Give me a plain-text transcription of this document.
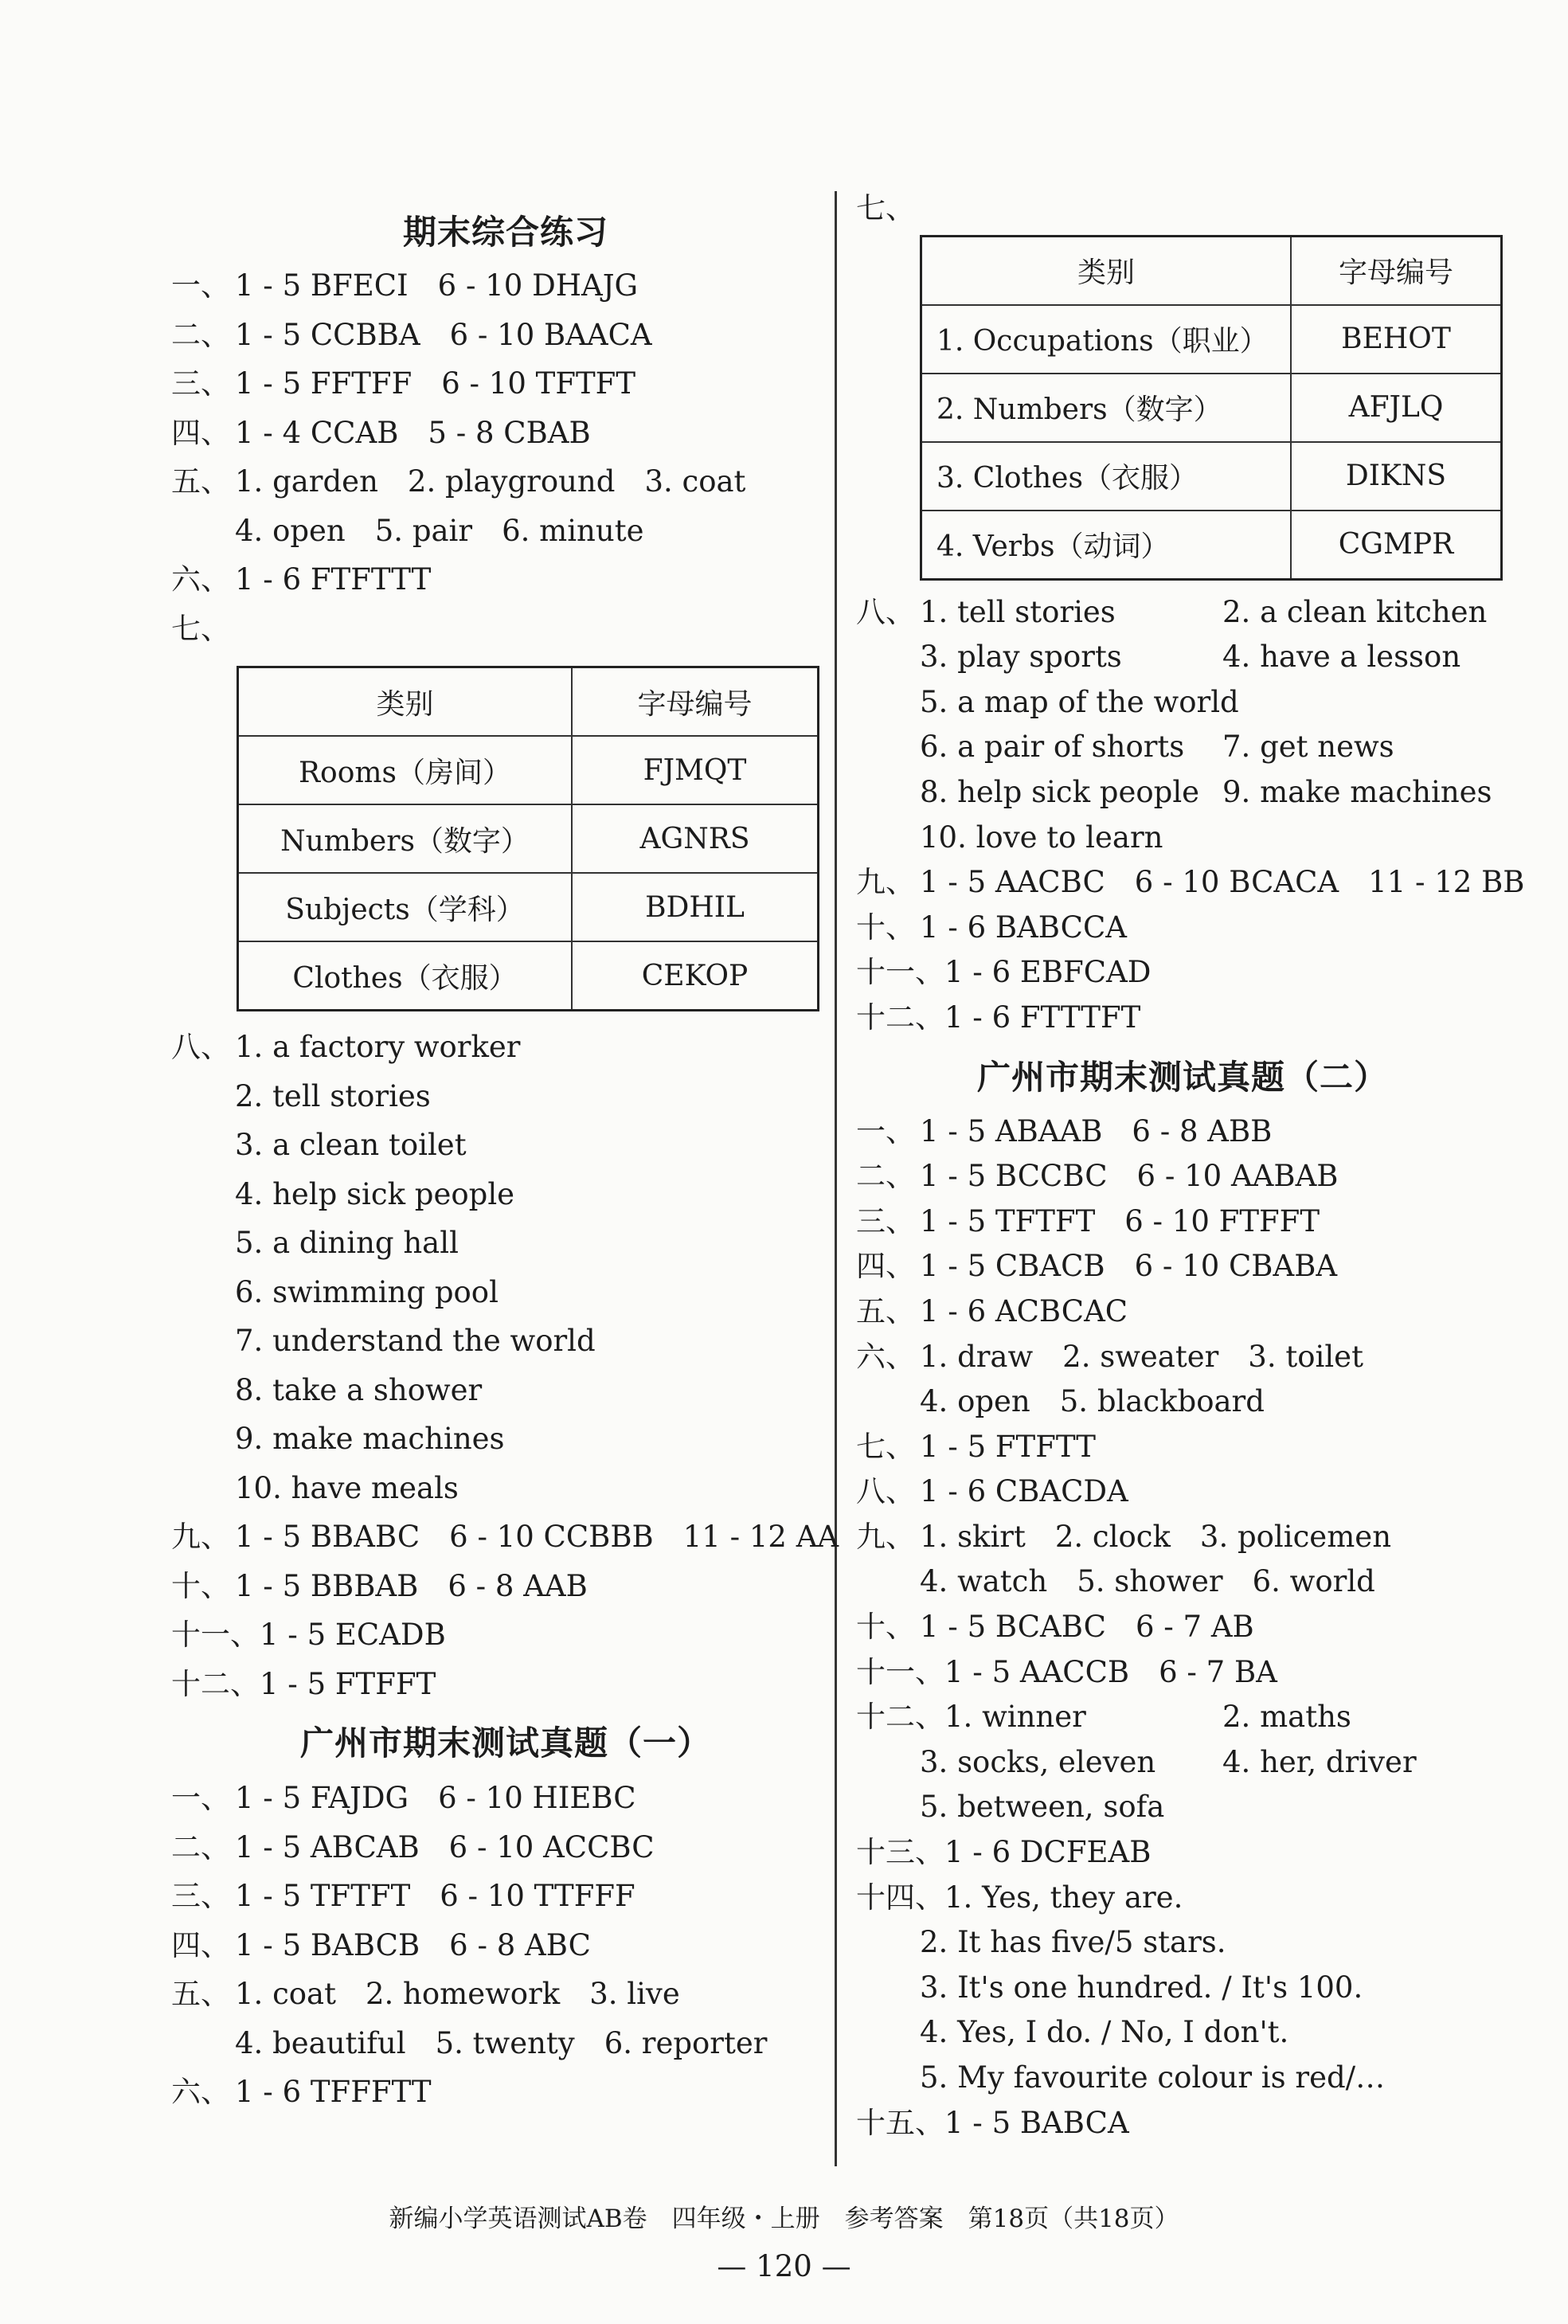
期末综合练习
一、 1 - 5 BFECI　6 - 10 DHAJG
二、 1 - 5 CCBBA　6 - 10 BAACA
三、 1 - 5 FFTFF　6 - 10 TFTFT
四、 1 - 4 CCAB　5 - 8 CBAB
五、 1. garden　2. playground　3. coat
4. open　5. pair　6. minute
六、 1 - 6 FTFTTT
七、
类别	字母编号
Rooms（房间）	FJMQT
Numbers（数字）	AGNRS
Subjects（学科）	BDHIL
Clothes（衣服）	CEKOP
八、 1. a factory worker
2. tell stories
3. a clean toilet
4. help sick people
5. a dining hall
6. swimming pool
7. understand the world
8. take a shower
9. make machines
10. have meals
九、 1 - 5 BBABC　6 - 10 CCBBB　11 - 12 AA
十、 1 - 5 BBBAB　6 - 8 AAB
十一、1 - 5 ECADB
十二、1 - 5 FTFFT
广州市期末测试真题（一）
一、 1 - 5 FAJDG　6 - 10 HIEBC
二、 1 - 5 ABCAB　6 - 10 ACCBC
三、 1 - 5 TFTFT　6 - 10 TTFFF
四、 1 - 5 BABCB　6 - 8 ABC
五、 1. coat　2. homework　3. live
4. beautiful　5. twenty　6. reporter
六、 1 - 6 TFFFTT
七、
类别	字母编号
1. Occupations（职业）	BEHOT
2. Numbers（数字）	AFJLQ
3. Clothes（衣服）	DIKNS
4. Verbs（动词）	CGMPR
八、 1. tell stories	2. a clean kitchen
3. play sports	4. have a lesson
5. a map of the world
6. a pair of shorts 7. get news
8. help sick people 9. make machines
10. love to learn
九、 1 - 5 AACBC　6 - 10 BCACA　11 - 12 BB
十、 1 - 6 BABCCA
十一、1 - 6 EBFCAD
十二、1 - 6 FTTTFT
广州市期末测试真题（二）
一、 1 - 5 ABAAB　6 - 8 ABB
二、 1 - 5 BCCBC　6 - 10 AABAB
三、 1 - 5 TFTFT　6 - 10 FTFFT
四、 1 - 5 CBACB　6 - 10 CBABA
五、 1 - 6 ACBCAC
六、 1. draw　2. sweater　3. toilet
4. open　5. blackboard
七、 1 - 5 FTFTT
八、 1 - 6 CBACDA
九、 1. skirt　2. clock　3. policemen
4. watch　5. shower　6. world
十、 1 - 5 BCABC　6 - 7 AB
十一、1 - 5 AACCB　6 - 7 BA
十二、1. winner	2. maths
3. socks, eleven 4. her, driver
5. between, sofa
十三、1 - 6 DCFEAB
十四、1. Yes, they are.
2. It has five/5 stars.
3. It's one hundred. / It's 100.
4. Yes, I do. / No, I don't.
5. My favourite colour is red/…
十五、1 - 5 BABCA
新编小学英语测试AB卷　四年级・上册　参考答案　第18页（共18页）
— 120 —
